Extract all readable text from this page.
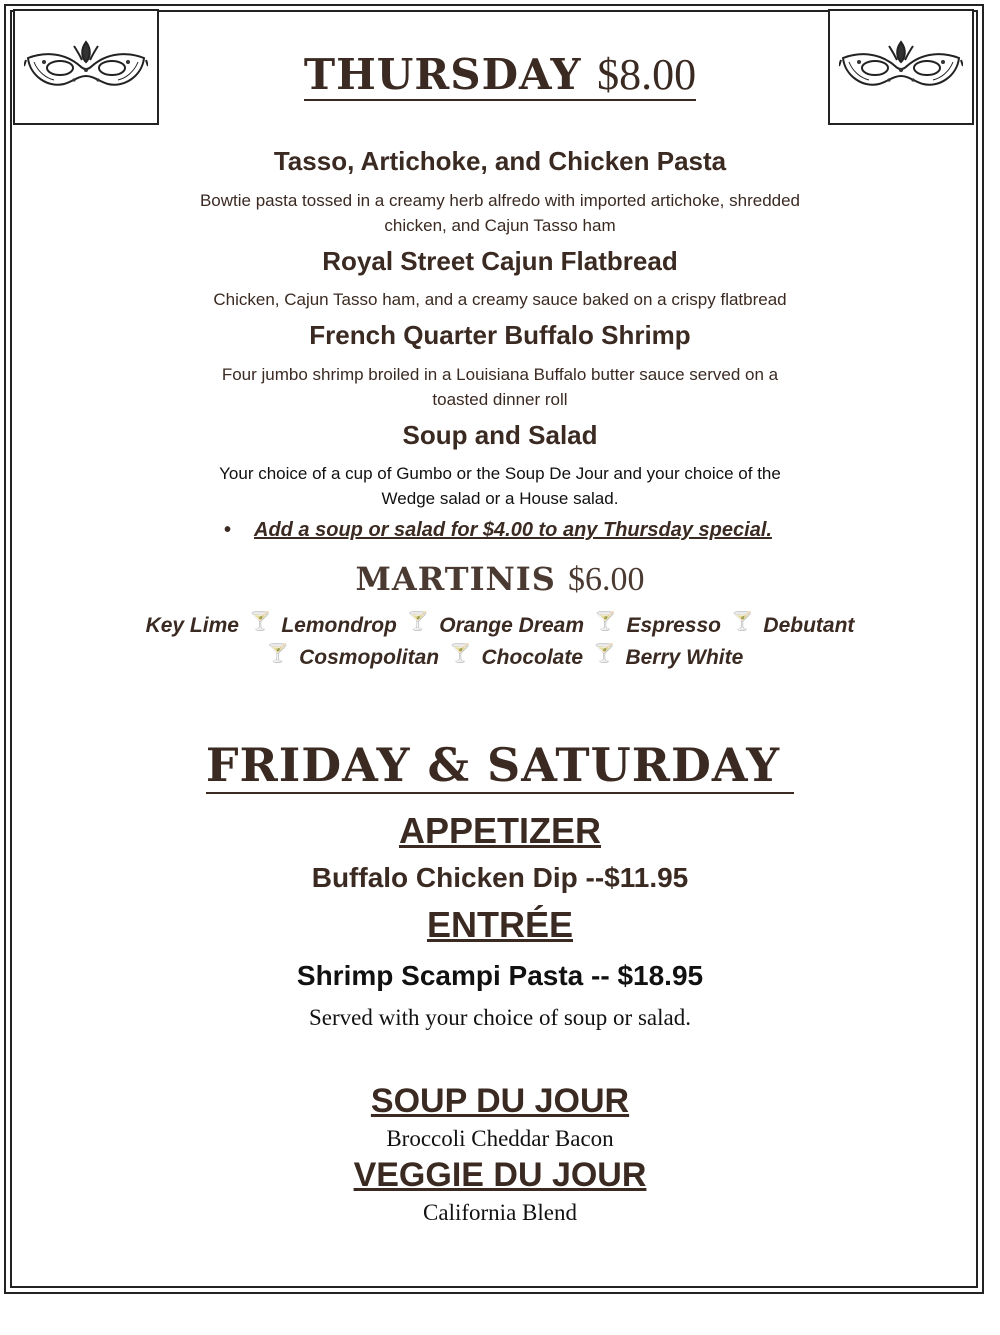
THURSDAY $8.00
Tasso, Artichoke, and Chicken Pasta
Bowtie pasta tossed in a creamy herb alfredo with imported artichoke, shredded
chicken, and Cajun Tasso ham
Royal Street Cajun Flatbread
Chicken, Cajun Tasso ham, and a creamy sauce baked on a crispy flatbread
French Quarter Buffalo Shrimp
Four jumbo shrimp broiled in a Louisiana Buffalo butter sauce served on a
toasted dinner roll
Soup and Salad
Your choice of a cup of Gumbo or the Soup De Jour and your choice of the
Wedge salad or a House salad.
• Add a soup or salad for $4.00 to any Thursday special.
MARTINIS $6.00
Key Lime 🍸 Lemondrop 🍸 Orange Dream 🍸 Espresso 🍸 Debutant
🍸 Cosmopolitan 🍸 Chocolate 🍸 Berry White
FRIDAY & SATURDAY
APPETIZER
Buffalo Chicken Dip --$11.95
ENTRÉE
Shrimp Scampi Pasta -- $18.95
Served with your choice of soup or salad.
SOUP DU JOUR
Broccoli Cheddar Bacon
VEGGIE DU JOUR
California Blend
